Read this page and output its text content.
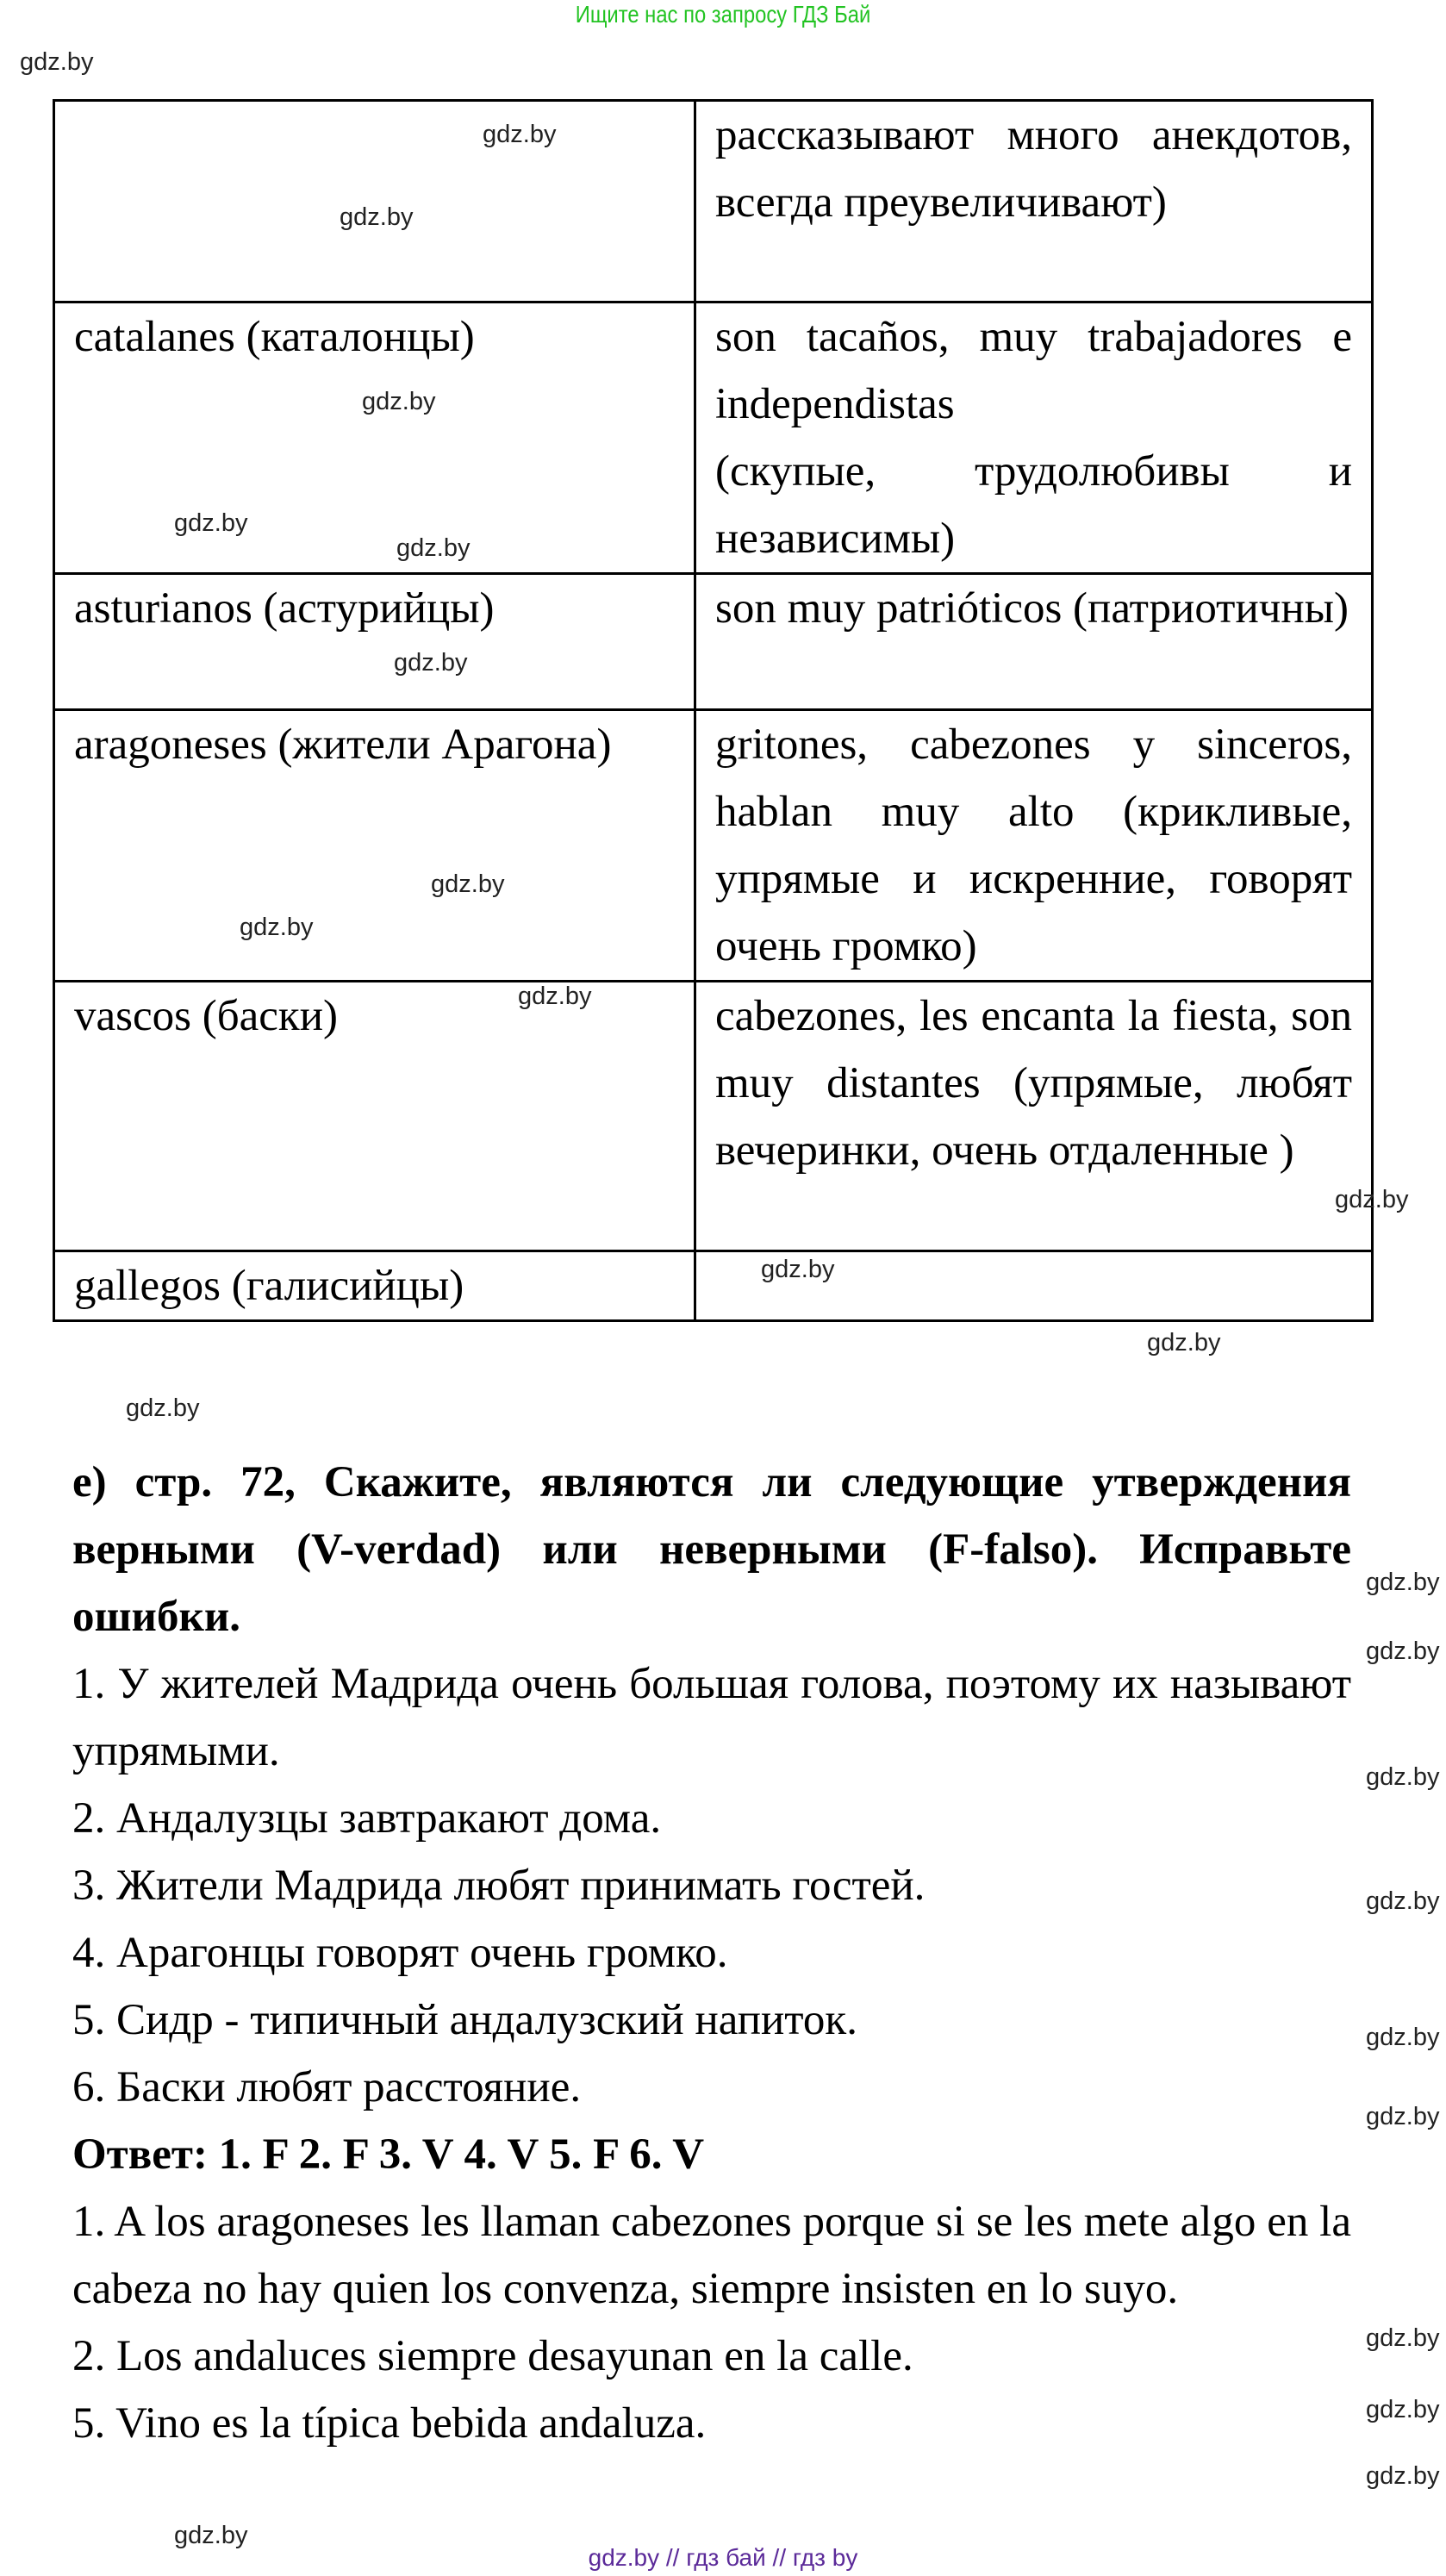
Ищите нас по запросу ГДЗ Бай
	рассказывают много анекдотов, всегда преувеличивают)
catalanes (каталонцы)	son tacaños, muy trabajadores e independistas
(скупые, трудолюбивы и независимы)

asturianos (астурийцы)	son muy patrióticos (патриотичны)
aragoneses (жители Арагона)	gritones, cabezones y sinceros, hablan muy alto (крикливые, упрямые и искренние, говорят очень громко)
vascos (баски)	cabezones, les encanta la fiesta, son muy distantes (упрямые, любят вечеринки, очень отдаленные )
gallegos (галисийцы)	

е) стр. 72, Скажите, являются ли следующие утверждения верными (V-verdad) или неверными (F-falso). Исправьте ошибки.

1. У жителей Мадрида очень большая голова, поэтому их называют упрямыми.

2. Андалузцы завтракают дома.

3. Жители Мадрида любят принимать гостей.

4. Арагонцы говорят очень громко.

5. Сидр - типичный андалузский напиток.

6. Баски любят расстояние.

Ответ: 1. F 2. F 3. V 4. V 5. F 6. V

1. A los aragoneses les llaman cabezones porque si se les mete algo en la cabeza no hay quien los convenza, siempre insisten en lo suyo.

2. Los andaluces siempre desayunan en la calle.

5. Vino es la típica bebida andaluza.

gdz.by
gdz.by
gdz.by
gdz.by
gdz.by
gdz.by
gdz.by
gdz.by
gdz.by
gdz.by
gdz.by
gdz.by
gdz.by
gdz.by
gdz.by
gdz.by
gdz.by
gdz.by
gdz.by
gdz.by
gdz.by
gdz.by
gdz.by
gdz.by
gdz.by // гдз бай // гдз by
